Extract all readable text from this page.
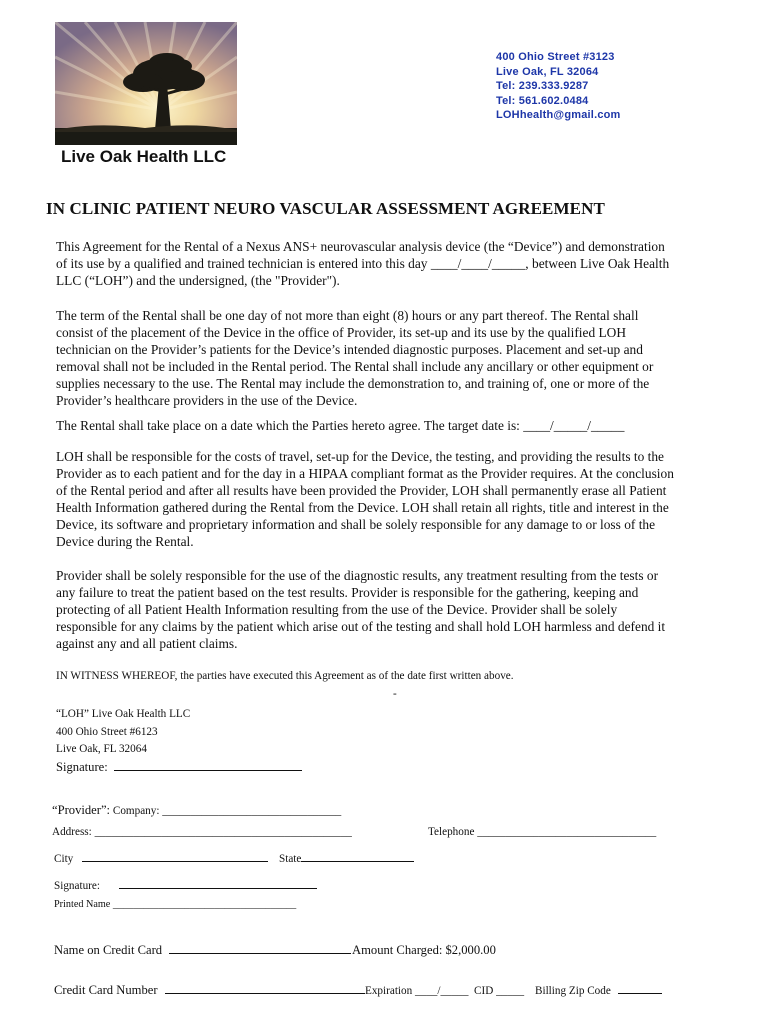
400 Ohio Street #3123
Live Oak, FL 32064
Tel: 239.333.9287
Tel: 561.602.0484
LOHhealth@gmail.com
Live Oak Health LLC
IN CLINIC PATIENT NEURO VASCULAR ASSESSMENT AGREEMENT

This Agreement for the Rental of a Nexus ANS+ neurovascular analysis device (the “Device”) and demonstration of its use by a qualified and trained technician is entered into this day ____/____/_____, between Live Oak Health LLC (“LOH”) and the undersigned, (the "Provider").

The term of the Rental shall be one day of not more than eight (8) hours or any part thereof. The Rental shall consist of the placement of the Device in the office of Provider, its set-up and its use by the qualified LOH technician on the Provider’s patients for the Device’s intended diagnostic purposes. Placement and set-up and removal shall not be included in the Rental period. The Rental shall include any ancillary or other equipment or supplies necessary to the use. The Rental may include the demonstration to, and training of, one or more of the Provider’s healthcare providers in the use of the Device.

The Rental shall take place on a date which the Parties hereto agree. The target date is: ____/_____/_____

LOH shall be responsible for the costs of travel, set-up for the Device, the testing, and providing the results to the Provider as to each patient and for the day in a HIPAA compliant format as the Provider requires. At the conclusion of the Rental period and after all results have been provided the Provider, LOH shall permanently erase all Patient Health Information gathered during the Rental from the Device. LOH shall retain all rights, title and interest in the Device, its software and proprietary information and shall be solely responsible for any damage to or loss of the Device during the Rental.

Provider shall be solely responsible for the use of the diagnostic results, any treatment resulting from the tests or any failure to treat the patient based on the test results. Provider is responsible for the gathering, keeping and protecting of all Patient Health Information resulting from the use of the Device. Provider shall be solely responsible for any claims by the patient which arise out of the testing and shall hold LOH harmless and defend it against any and all patient claims.

IN WITNESS WHEREOF, the parties have executed this Agreement as of the date first written above.
-
“LOH” Live Oak Health LLC
400 Ohio Street #6123
Live Oak, FL 32064
Signature:
“Provider”: Company: ________________________________
Address: ______________________________________________	Telephone ________________________________
City	State
Signature:
Printed Name ____________________________________
Name on Credit Card	Amount Charged: $2,000.00
Credit Card Number	Expiration ____/_____ CID _____ Billing Zip Code
